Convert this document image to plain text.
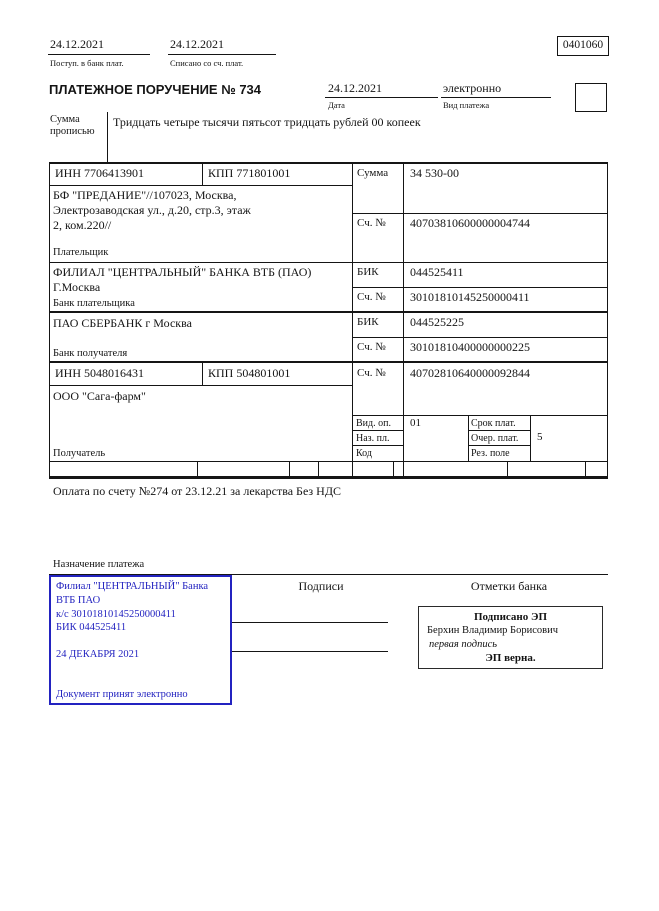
24.12.2021
Поступ. в банк плат.
24.12.2021
Списано со сч. плат.
0401060
ПЛАТЕЖНОЕ ПОРУЧЕНИЕ № 734	24.12.2021
Дата
электронно
Вид платежа
Сумма прописью
Тридцать четыре тысячи пятьсот тридцать рублей 00 копеек
ИНН 7706413901	КПП 771801001	Сумма 34 530-00
БФ "ПРЕДАНИЕ"//107023, Москва,
Электрозаводская ул., д.20, стр.3, этаж
2, ком.220//	Сч. № 40703810600000004744
Плательщик
ФИЛИАЛ "ЦЕНТРАЛЬНЫЙ" БАНКА ВТБ (ПАО)
Г.Москва
БИК	044525411
Сч. № 30101810145250000411
Банк плательщика
ПАО СБЕРБАНК г Москва	БИК	044525225
Сч. № 30101810400000000225
Банк получателя
ИНН 5048016431	КПП 504801001	Сч. № 40702810640000092844
ООО "Сага-фарм"
Получатель
Вид. оп. 01
Наз. пл.
Код
Срок плат.
Очер. плат. 5
Рез. поле
Оплата по счету №274 от 23.12.21 за лекарства Без НДС
Назначение платежа
Подписи	Отметки банка
Филиал "ЦЕНТРАЛЬНЫЙ" Банка
ВТБ ПАО
к/с 30101810145250000411
БИК 044525411
24 ДЕКАБРЯ 2021
Документ принят электронно
Подписано ЭП
Берхин Владимир Борисович
первая подпись
ЭП верна.
